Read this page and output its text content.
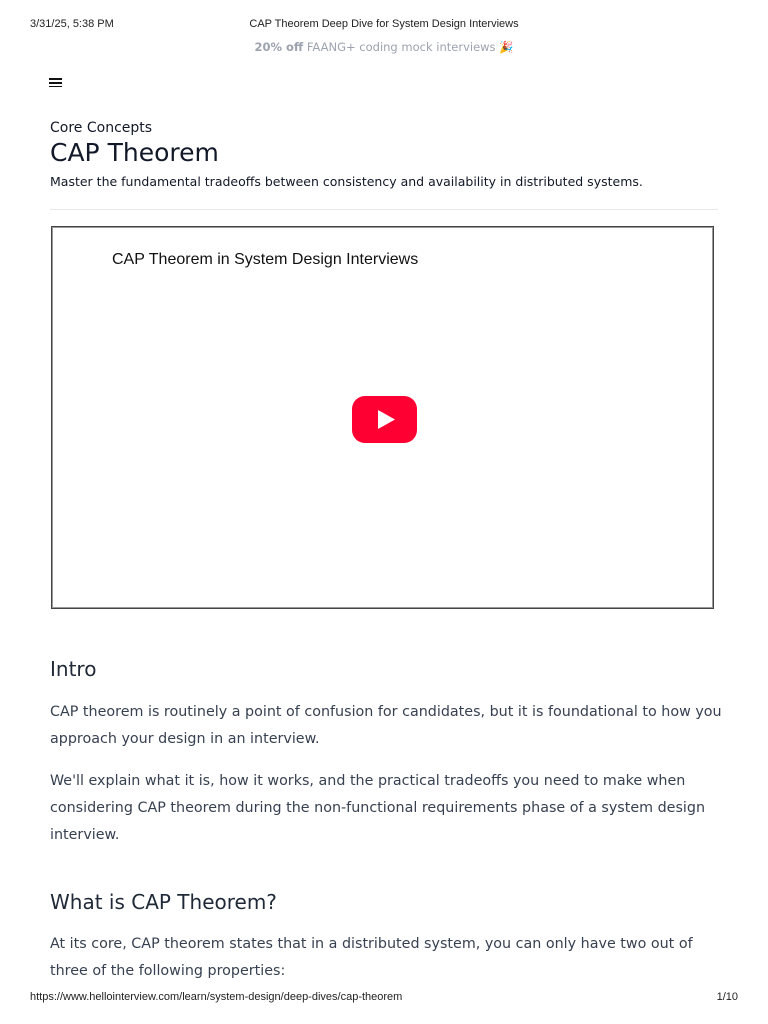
3/31/25, 5:38 PM	CAP Theorem Deep Dive for System Design Interviews
20% off FAANG+ coding mock interviews 🎉
Core Concepts
CAP Theorem
Master the fundamental tradeoffs between consistency and availability in distributed systems.
CAP Theorem in System Design Interviews
Intro

CAP theorem is routinely a point of confusion for candidates, but it is foundational to how you approach your design in an interview.

We'll explain what it is, how it works, and the practical tradeoffs you need to make when considering CAP theorem during the non-functional requirements phase of a system design interview.

What is CAP Theorem?

At its core, CAP theorem states that in a distributed system, you can only have two out of three of the following properties:

https://www.hellointerview.com/learn/system-design/deep-dives/cap-theorem	1/10
